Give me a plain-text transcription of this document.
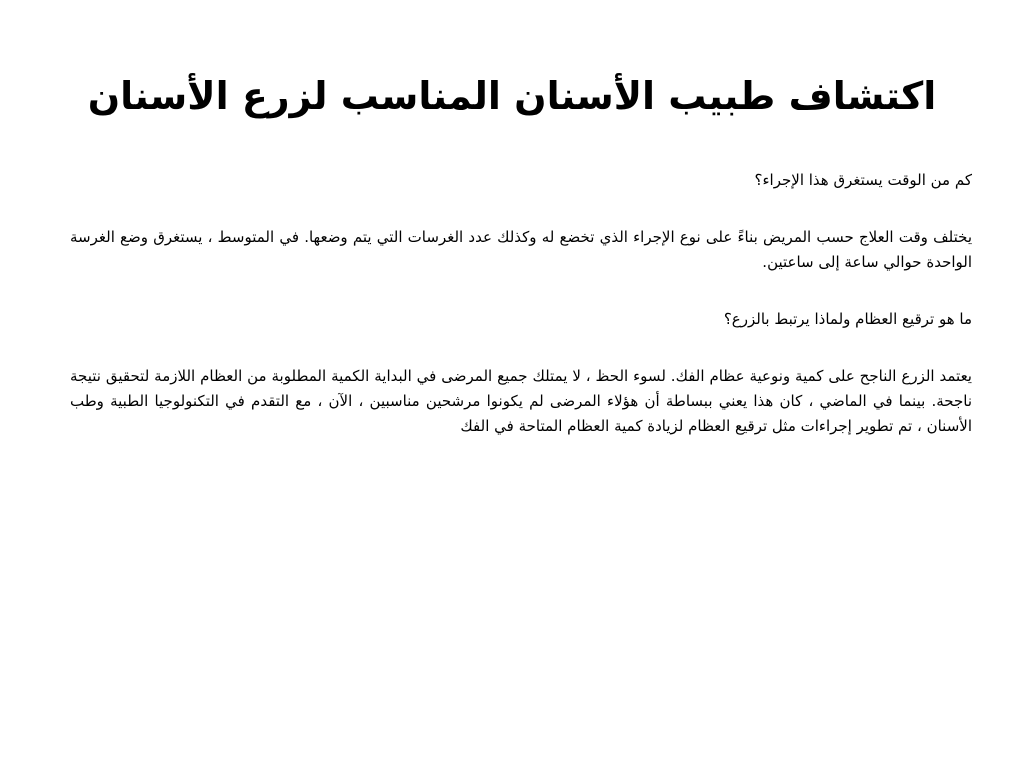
اكتشاف طبيب الأسنان المناسب لزرع الأسنان

كم من الوقت يستغرق هذا الإجراء؟

يختلف وقت العلاج حسب المريض بناءً على نوع الإجراء الذي تخضع له وكذلك عدد الغرسات التي يتم وضعها. في المتوسط ، يستغرق وضع الغرسة الواحدة حوالي ساعة إلى ساعتين.

ما هو ترقيع العظام ولماذا يرتبط بالزرع؟

يعتمد الزرع الناجح على كمية ونوعية عظام الفك. لسوء الحظ ، لا يمتلك جميع المرضى في البداية الكمية المطلوبة من العظام اللازمة لتحقيق نتيجة ناجحة. بينما في الماضي ، كان هذا يعني ببساطة أن هؤلاء المرضى لم يكونوا مرشحين مناسبين ، الآن ، مع التقدم في التكنولوجيا الطبية وطب الأسنان ، تم تطوير إجراءات مثل ترقيع العظام لزيادة كمية العظام المتاحة في الفك
